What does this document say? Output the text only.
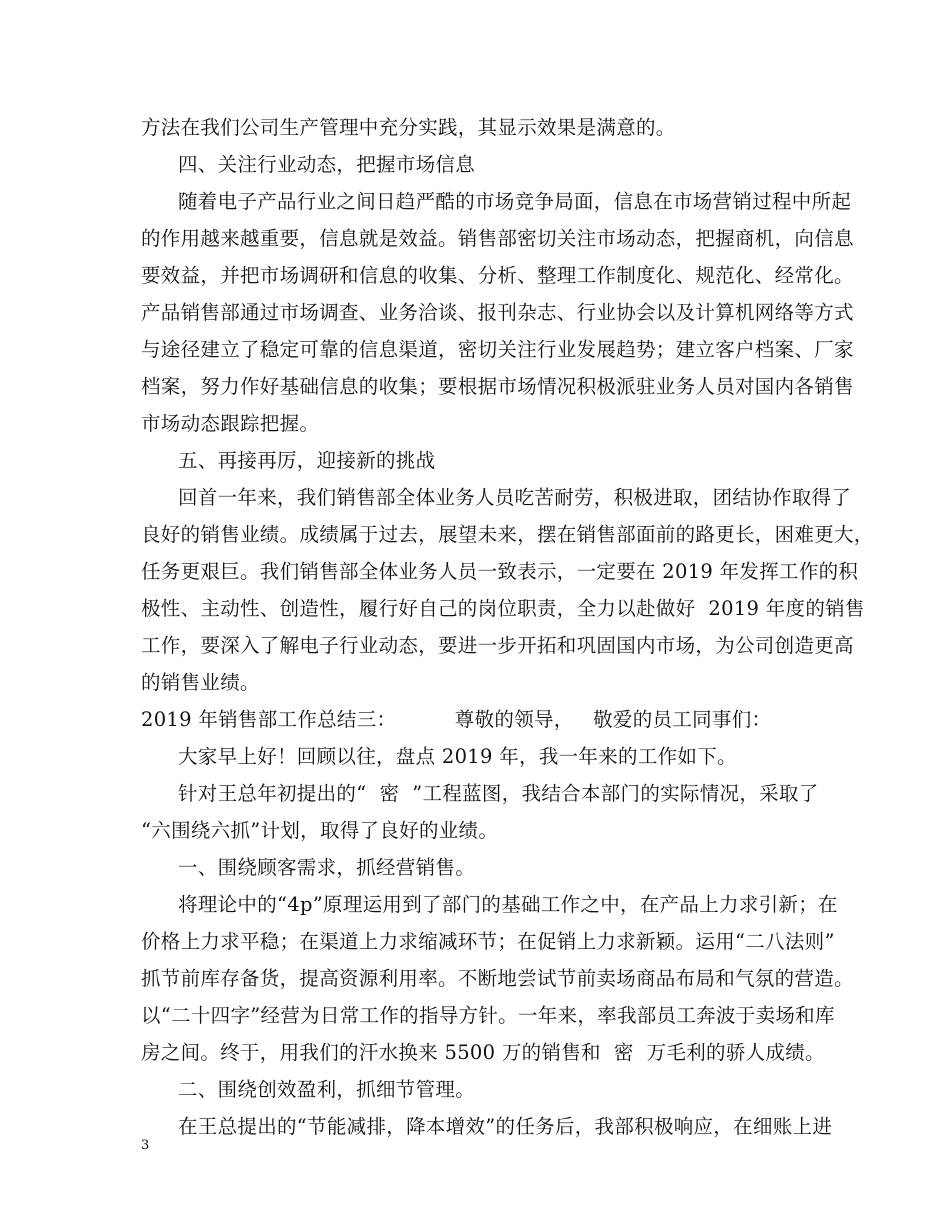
方法在我们公司生产管理中充分实践，其显示效果是满意的。
四、关注行业动态，把握市场信息
随着电子产品行业之间日趋严酷的市场竞争局面，信息在市场营销过程中所起
的作用越来越重要，信息就是效益。销售部密切关注市场动态，把握商机，向信息
要效益，并把市场调研和信息的收集、分析、整理工作制度化、规范化、经常化。
产品销售部通过市场调查、业务洽谈、报刊杂志、行业协会以及计算机网络等方式
与途径建立了稳定可靠的信息渠道，密切关注行业发展趋势；建立客户档案、厂家
档案，努力作好基础信息的收集；要根据市场情况积极派驻业务人员对国内各销售
市场动态跟踪把握。
五、再接再厉，迎接新的挑战
回首一年来，我们销售部全体业务人员吃苦耐劳，积极进取，团结协作取得了
良好的销售业绩。成绩属于过去，展望未来，摆在销售部面前的路更长，困难更大，
任务更艰巨。我们销售部全体业务人员一致表示，一定要在 2019 年发挥工作的积
极性、主动性、创造性，履行好自己的岗位职责，全力以赴做好  2019 年度的销售
工作，要深入了解电子行业动态，要进一步开拓和巩固国内市场，为公司创造更高
的销售业绩。
2019 年销售部工作总结三：         尊敬的领导，   敬爱的员工同事们：
大家早上好！回顾以往，盘点 2019 年，我一年来的工作如下。
针对王总年初提出的“  密  ”工程蓝图，我结合本部门的实际情况，采取了
“六围绕六抓”计划，取得了良好的业绩。
一、围绕顾客需求，抓经营销售。
将理论中的“4p”原理运用到了部门的基础工作之中，在产品上力求引新；在
价格上力求平稳；在渠道上力求缩减环节；在促销上力求新颖。运用“二八法则”
抓节前库存备货，提高资源利用率。不断地尝试节前卖场商品布局和气氛的营造。
以“二十四字”经营为日常工作的指导方针。一年来，率我部员工奔波于卖场和库
房之间。终于，用我们的汗水换来 5500 万的销售和  密  万毛利的骄人成绩。
二、围绕创效盈利，抓细节管理。
在王总提出的“节能减排，降本增效”的任务后，我部积极响应，在细账上进
3
